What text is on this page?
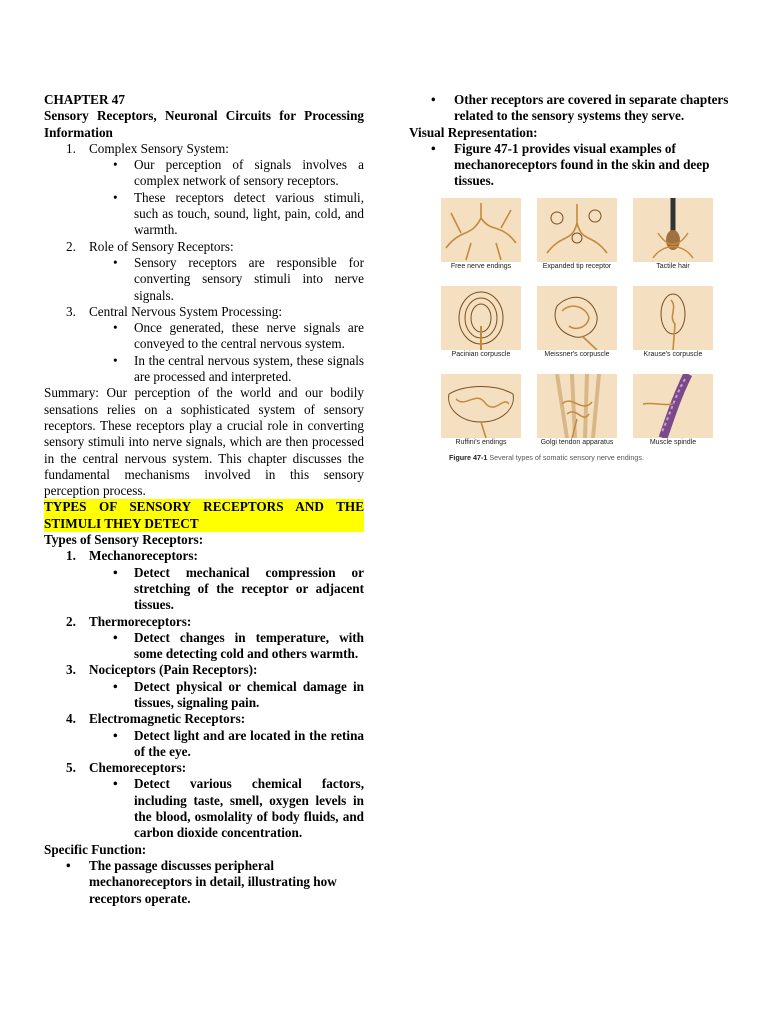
CHAPTER 47
Sensory Receptors, Neuronal Circuits for Processing Information
1. Complex Sensory System:
• Our perception of signals involves a complex network of sensory receptors.
• These receptors detect various stimuli, such as touch, sound, light, pain, cold, and warmth.
2. Role of Sensory Receptors:
• Sensory receptors are responsible for converting sensory stimuli into nerve signals.
3. Central Nervous System Processing:
• Once generated, these nerve signals are conveyed to the central nervous system.
• In the central nervous system, these signals are processed and interpreted.
Summary: Our perception of the world and our bodily sensations relies on a sophisticated system of sensory receptors. These receptors play a crucial role in converting sensory stimuli into nerve signals, which are then processed in the central nervous system. This chapter discusses the fundamental mechanisms involved in this sensory perception process.
TYPES OF SENSORY RECEPTORS AND THE STIMULI THEY DETECT
Types of Sensory Receptors:
1. Mechanoreceptors:
• Detect mechanical compression or stretching of the receptor or adjacent tissues.
2. Thermoreceptors:
• Detect changes in temperature, with some detecting cold and others warmth.
3. Nociceptors (Pain Receptors):
• Detect physical or chemical damage in tissues, signaling pain.
4. Electromagnetic Receptors:
• Detect light and are located in the retina of the eye.
5. Chemoreceptors:
• Detect various chemical factors, including taste, smell, oxygen levels in the blood, osmolality of body fluids, and carbon dioxide concentration.
Specific Function:
• The passage discusses peripheral mechanoreceptors in detail, illustrating how receptors operate.
• Other receptors are covered in separate chapters related to the sensory systems they serve.
Visual Representation:
• Figure 47-1 provides visual examples of mechanoreceptors found in the skin and deep tissues.
Figure 47-1 Several types of somatic sensory nerve endings.
Free nerve endings	Expanded tip receptor	Tactile hair
Pacinian corpuscle	Meissner's corpuscle	Krause's corpuscle
Ruffini's endings	Golgi tendon apparatus	Muscle spindle
